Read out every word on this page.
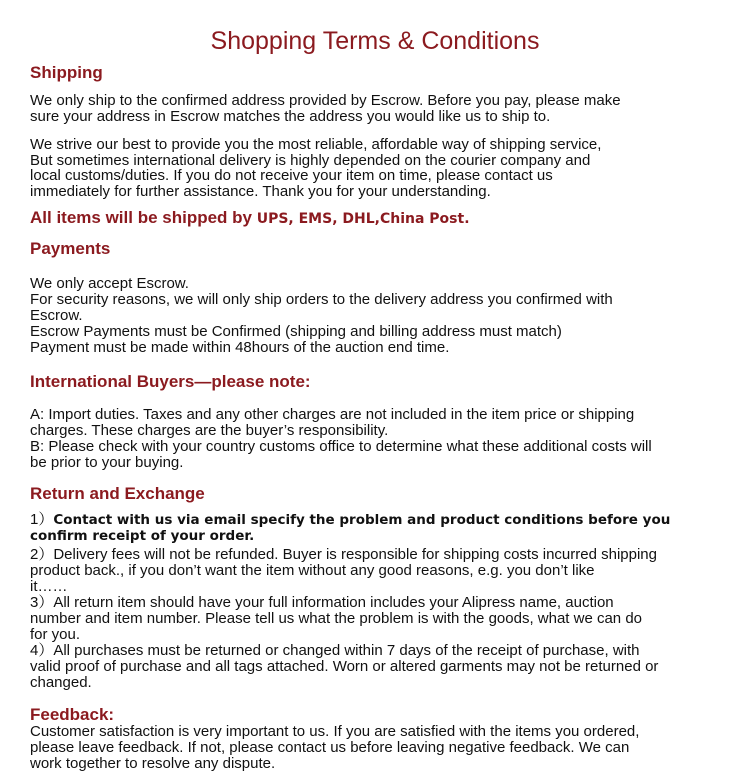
Shopping Terms & Conditions
Shipping

We only ship to the confirmed address provided by Escrow. Before you pay, please make
sure your address in Escrow matches the address you would like us to ship to.

We strive our best to provide you the most reliable, affordable way of shipping service,
But sometimes international delivery is highly depended on the courier company and
local customs/duties. If you do not receive your item on time, please contact us
immediately for further assistance. Thank you for your understanding.

All items will be shipped by UPS, EMS, DHL,China Post.
Payments

We only accept Escrow.
For security reasons, we will only ship orders to the delivery address you confirmed with
Escrow.
Escrow Payments must be Confirmed (shipping and billing address must match)
Payment must be made within 48hours of the auction end time.

International Buyers—please note:

A: Import duties. Taxes and any other charges are not included in the item price or shipping
charges. These charges are the buyer’s responsibility.
B: Please check with your country customs office to determine what these additional costs will
be prior to your buying.

Return and Exchange

1）Contact with us via email specify the problem and product conditions before you
confirm receipt of your order.

2）Delivery fees will not be refunded. Buyer is responsible for shipping costs incurred shipping
product back., if you don’t want the item without any good reasons, e.g. you don’t like
it……
3）All return item should have your full information includes your Alipress name, auction
number and item number. Please tell us what the problem is with the goods, what we can do
for you.
4）All purchases must be returned or changed within 7 days of the receipt of purchase, with
valid proof of purchase and all tags attached. Worn or altered garments may not be returned or
changed.

Feedback:

Customer satisfaction is very important to us. If you are satisfied with the items you ordered,
please leave feedback. If not, please contact us before leaving negative feedback. We can
work together to resolve any dispute.
